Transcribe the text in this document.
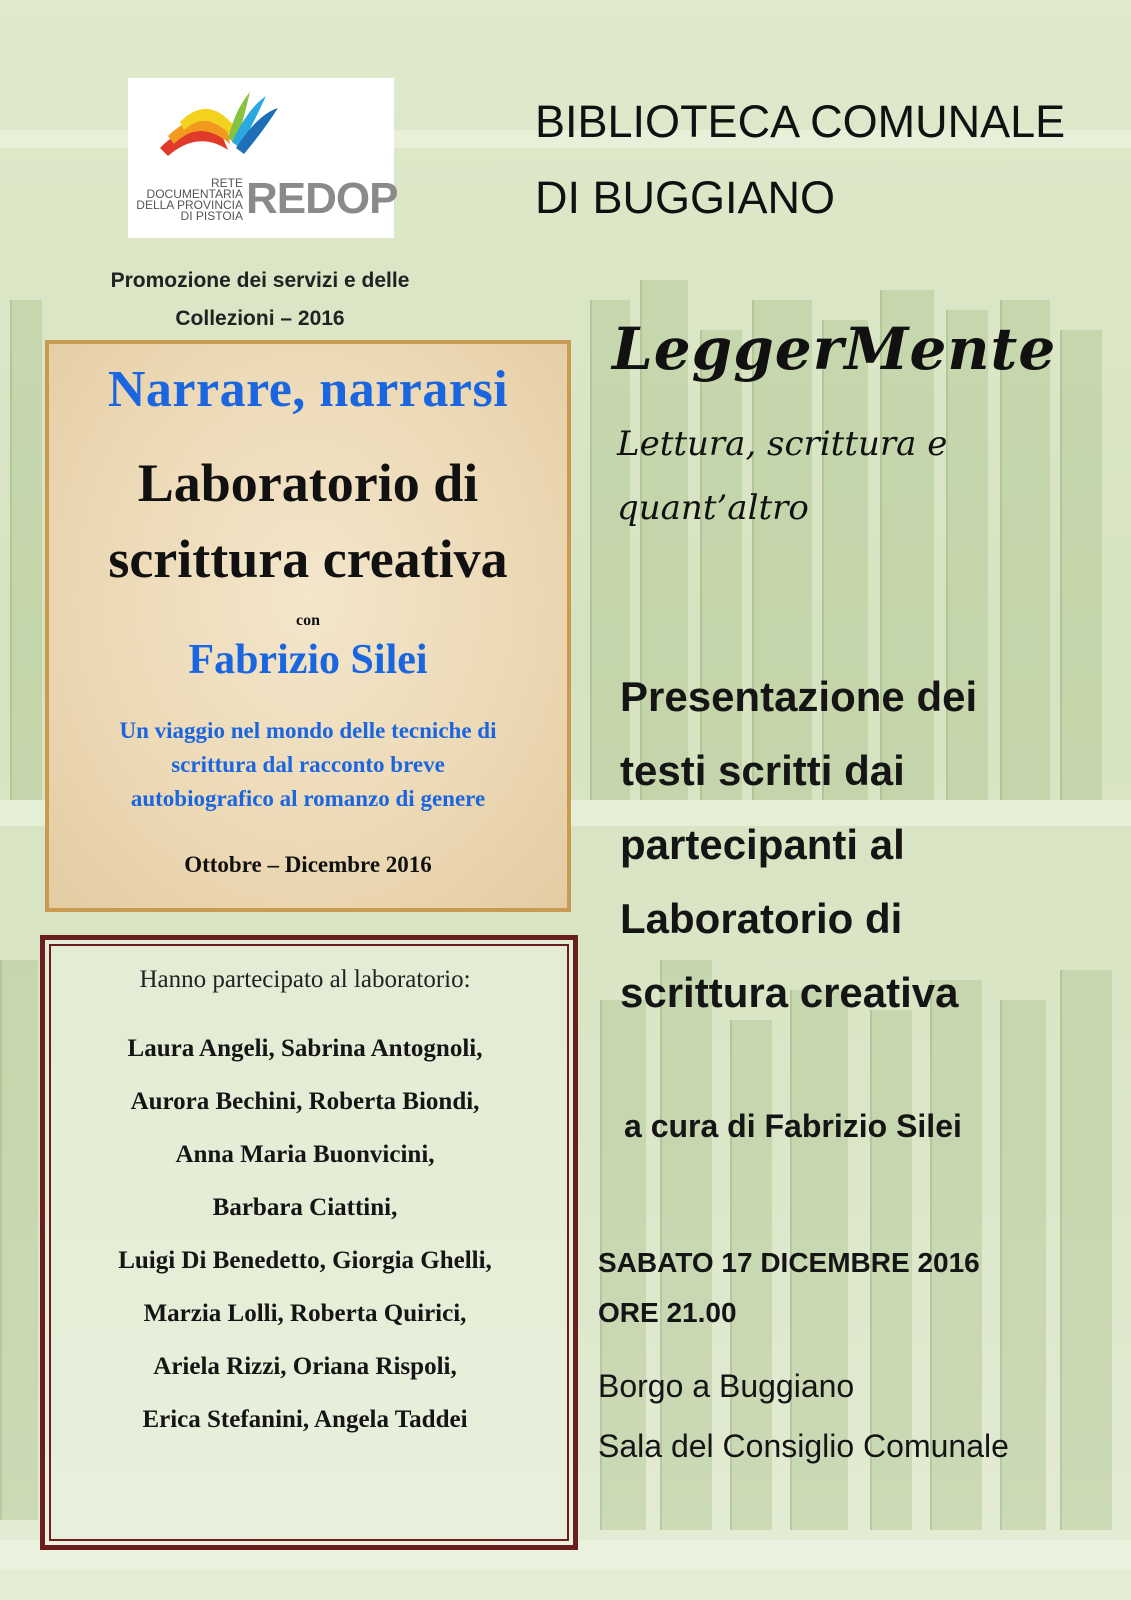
RETE
DOCUMENTARIA
DELLA PROVINCIA
DI PISTOIA REDOP
BIBLIOTECA COMUNALE
DI BUGGIANO
Promozione dei servizi e delle
Collezioni – 2016
Narrare, narrarsi
Laboratorio di
scrittura creativa
con
Fabrizio Silei
Un viaggio nel mondo delle tecniche di
scrittura dal racconto breve
autobiografico al romanzo di genere
Ottobre – Dicembre 2016
Hanno partecipato al laboratorio:
Laura Angeli, Sabrina Antognoli,
Aurora Bechini, Roberta Biondi,
Anna Maria Buonvicini,
Barbara Ciattini,
Luigi Di Benedetto, Giorgia Ghelli,
Marzia Lolli, Roberta Quirici,
Ariela Rizzi, Oriana Rispoli,
Erica Stefanini, Angela Taddei
LeggerMente
Lettura, scrittura e
quant’altro
Presentazione dei
testi scritti dai
partecipanti al
Laboratorio di
scrittura creativa
a cura di Fabrizio Silei
SABATO 17 DICEMBRE 2016
ORE 21.00
Borgo a Buggiano
Sala del Consiglio Comunale
